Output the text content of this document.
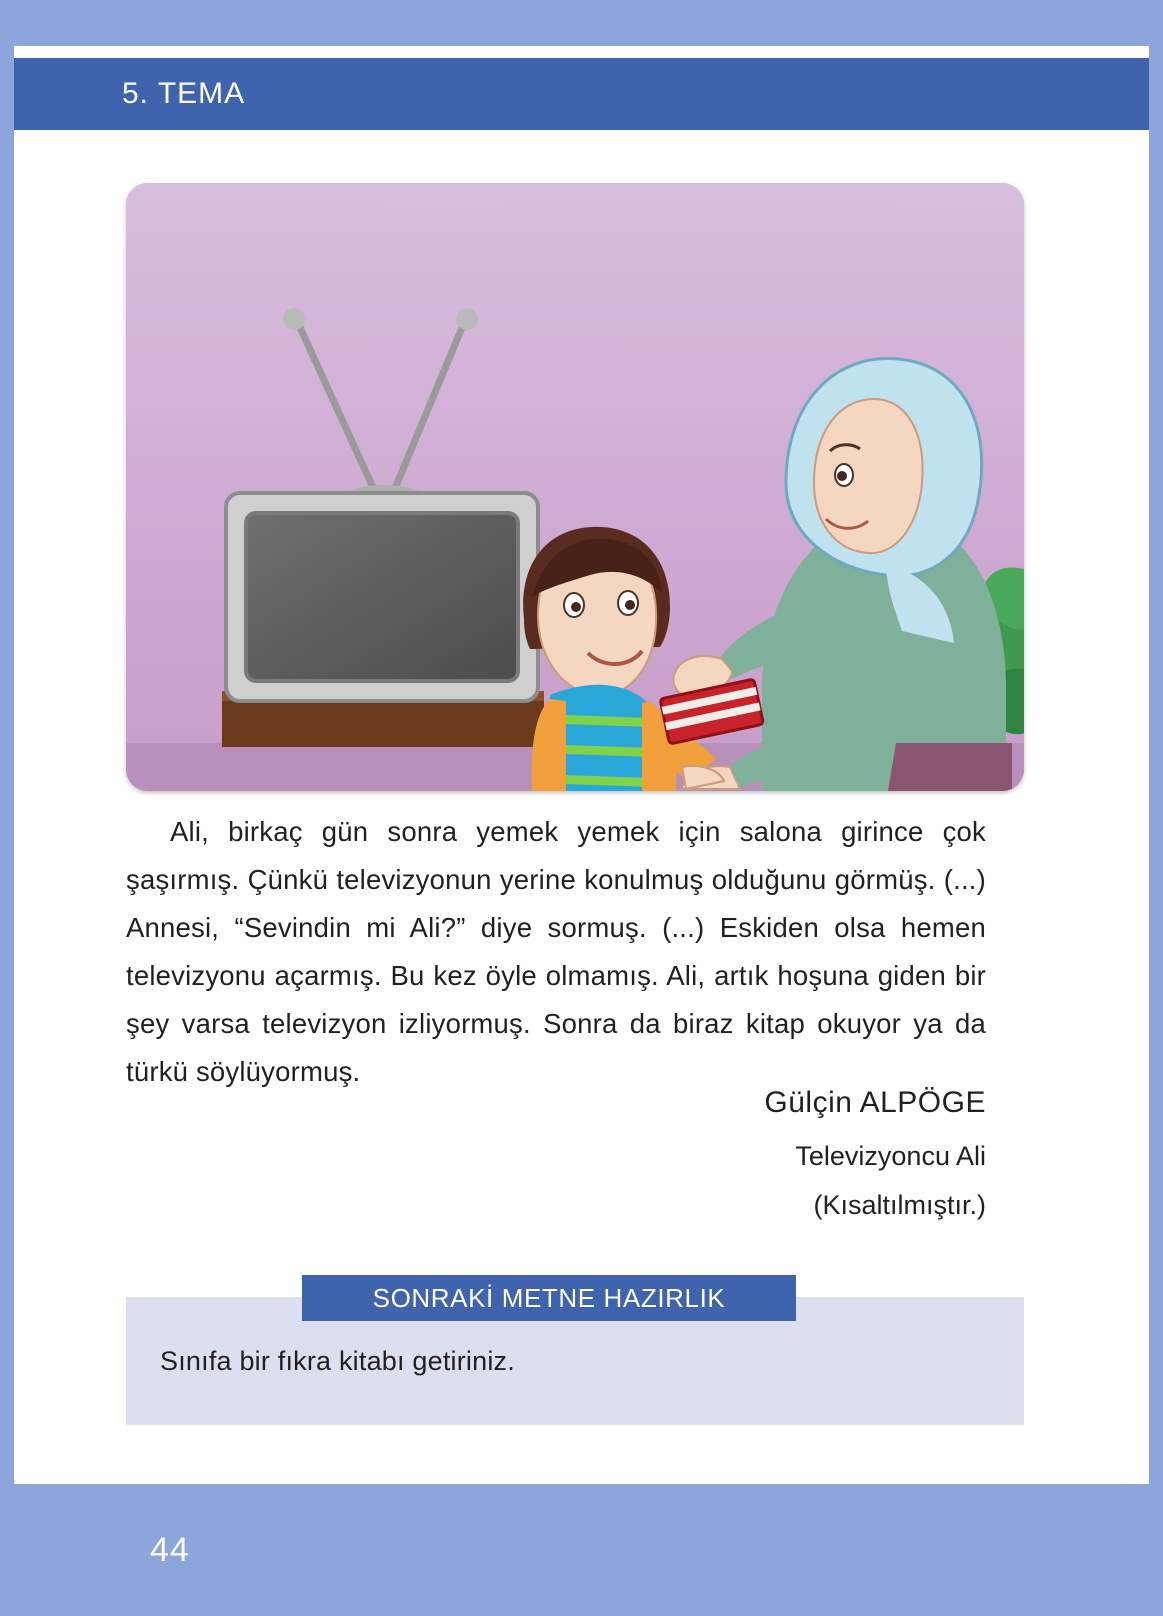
5. TEMA

Ali, birkaç gün sonra yemek yemek için salona girince çok şaşırmış. Çünkü televizyonun yerine konulmuş olduğunu görmüş. (...) Annesi, “Sevindin mi Ali?” diye sormuş. (...) Eskiden olsa hemen televizyonu açarmış. Bu kez öyle olmamış. Ali, artık hoşuna giden bir şey varsa televizyon izliyormuş. Sonra da biraz kitap okuyor ya da türkü söylüyormuş.

Gülçin ALPÖGE
Televizyoncu Ali
(Kısaltılmıştır.)
SONRAKİ METNE HAZIRLIK
Sınıfa bir fıkra kitabı getiriniz.
44
